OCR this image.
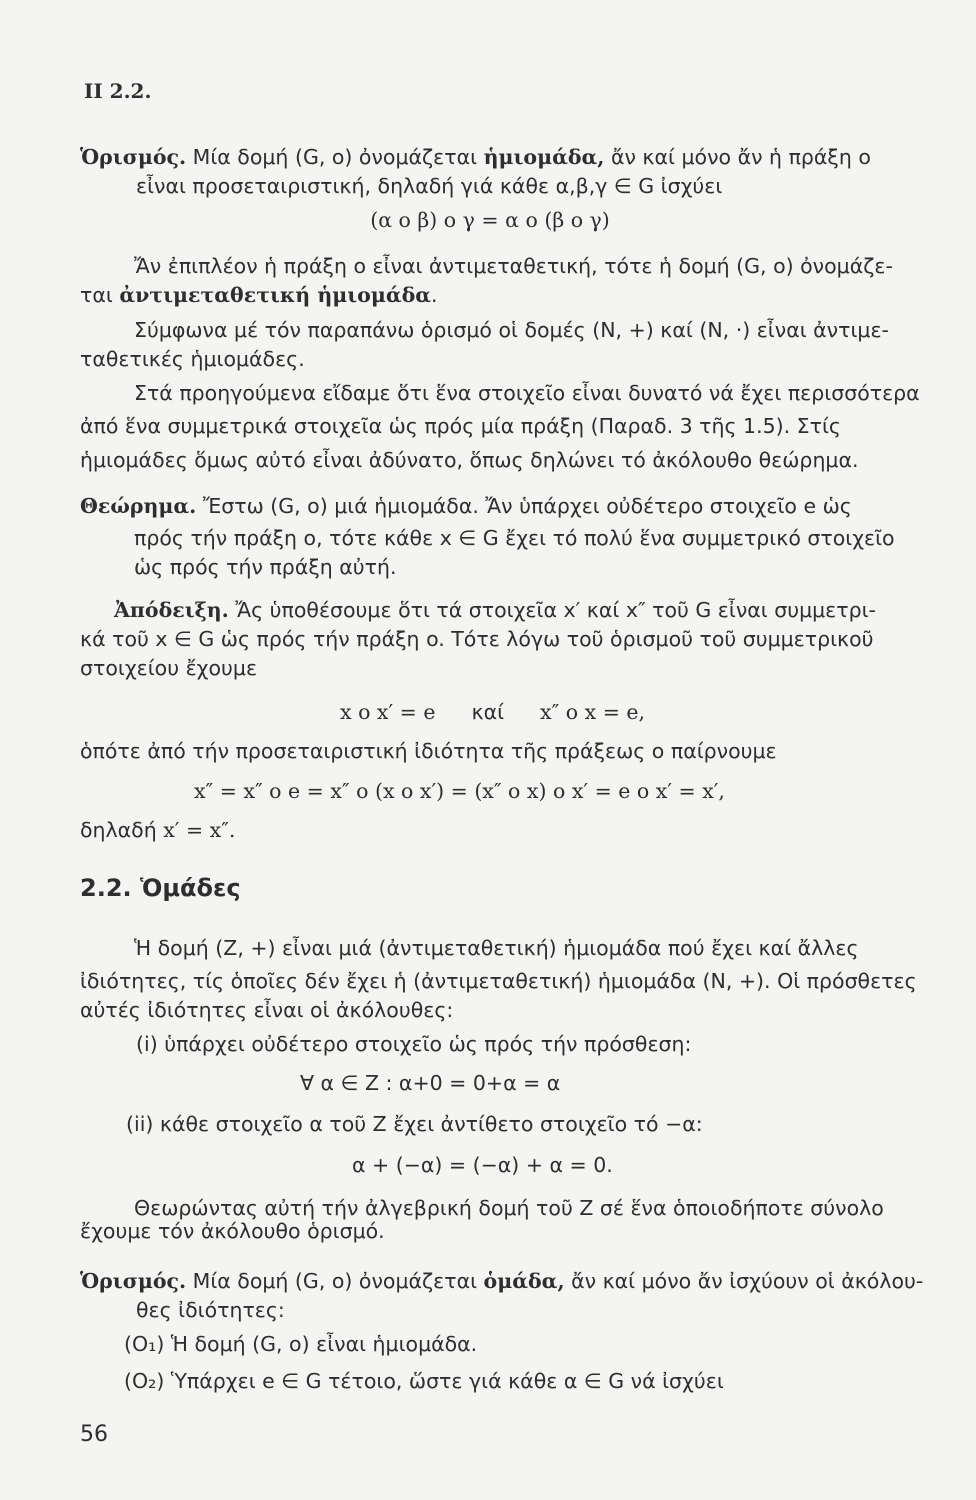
II 2.2.
Ὁρισμός. Μία δομή (G, o) ὀνομάζεται ἡμιομάδα, ἄν καί μόνο ἄν ἡ πράξη o
εἶναι προσεταιριστική, δηλαδή γιά κάθε α,β,γ ∈ G ἰσχύει
(α o β) o γ = α o (β o γ)
Ἄν ἐπιπλέον ἡ πράξη o εἶναι ἀντιμεταθετική, τότε ἡ δομή (G, o) ὀνομάζε-
ται ἀντιμεταθετική ἡμιομάδα.
Σύμφωνα μέ τόν παραπάνω ὁρισμό οἱ δομές (N, +) καί (N, ·) εἶναι ἀντιμε-
ταθετικές ἡμιομάδες.
Στά προηγούμενα εἴδαμε ὅτι ἕνα στοιχεῖο εἶναι δυνατό νά ἔχει περισσότερα
ἀπό ἕνα συμμετρικά στοιχεῖα ὡς πρός μία πράξη (Παραδ. 3 τῆς 1.5). Στίς
ἡμιομάδες ὅμως αὐτό εἶναι ἀδύνατο, ὅπως δηλώνει τό ἀκόλουθο θεώρημα.
Θεώρημα. Ἔστω (G, o) μιά ἡμιομάδα. Ἄν ὑπάρχει οὐδέτερο στοιχεῖο e ὡς
πρός τήν πράξη o, τότε κάθε x ∈ G ἔχει τό πολύ ἕνα συμμετρικό στοιχεῖο
ὡς πρός τήν πράξη αὐτή.
Ἀπόδειξη. Ἄς ὑποθέσουμε ὅτι τά στοιχεῖα x′ καί x″ τοῦ G εἶναι συμμετρι-
κά τοῦ x ∈ G ὡς πρός τήν πράξη o. Τότε λόγω τοῦ ὁρισμοῦ τοῦ συμμετρικοῦ
στοιχείου ἔχουμε
x o x′ = e καί x″ o x = e,
ὁπότε ἀπό τήν προσεταιριστική ἰδιότητα τῆς πράξεως o παίρνουμε
x″ = x″ o e = x″ o (x o x′) = (x″ o x) o x′ = e o x′ = x′,
δηλαδή x′ = x″.
2.2. Ὁμάδες
Ἡ δομή (Z, +) εἶναι μιά (ἀντιμεταθετική) ἡμιομάδα πού ἔχει καί ἄλλες
ἰδιότητες, τίς ὁποῖες δέν ἔχει ἡ (ἀντιμεταθετική) ἡμιομάδα (N, +). Οἱ πρόσθετες
αὐτές ἰδιότητες εἶναι οἱ ἀκόλουθες:
(i) ὑπάρχει οὐδέτερο στοιχεῖο ὡς πρός τήν πρόσθεση:
∀ α ∈ Z : α+0 = 0+α = α
(ii) κάθε στοιχεῖο α τοῦ Z ἔχει ἀντίθετο στοιχεῖο τό −α:
α + (−α) = (−α) + α = 0.
Θεωρώντας αὐτή τήν ἀλγεβρική δομή τοῦ Z σέ ἕνα ὁποιοδήποτε σύνολο
ἔχουμε τόν ἀκόλουθο ὁρισμό.
Ὁρισμός. Μία δομή (G, o) ὀνομάζεται ὁμάδα, ἄν καί μόνο ἄν ἰσχύουν οἱ ἀκόλου-
θες ἰδιότητες:
(O₁) Ἡ δομή (G, o) εἶναι ἡμιομάδα.
(O₂) Ὑπάρχει e ∈ G τέτοιο, ὥστε γιά κάθε α ∈ G νά ἰσχύει
56
